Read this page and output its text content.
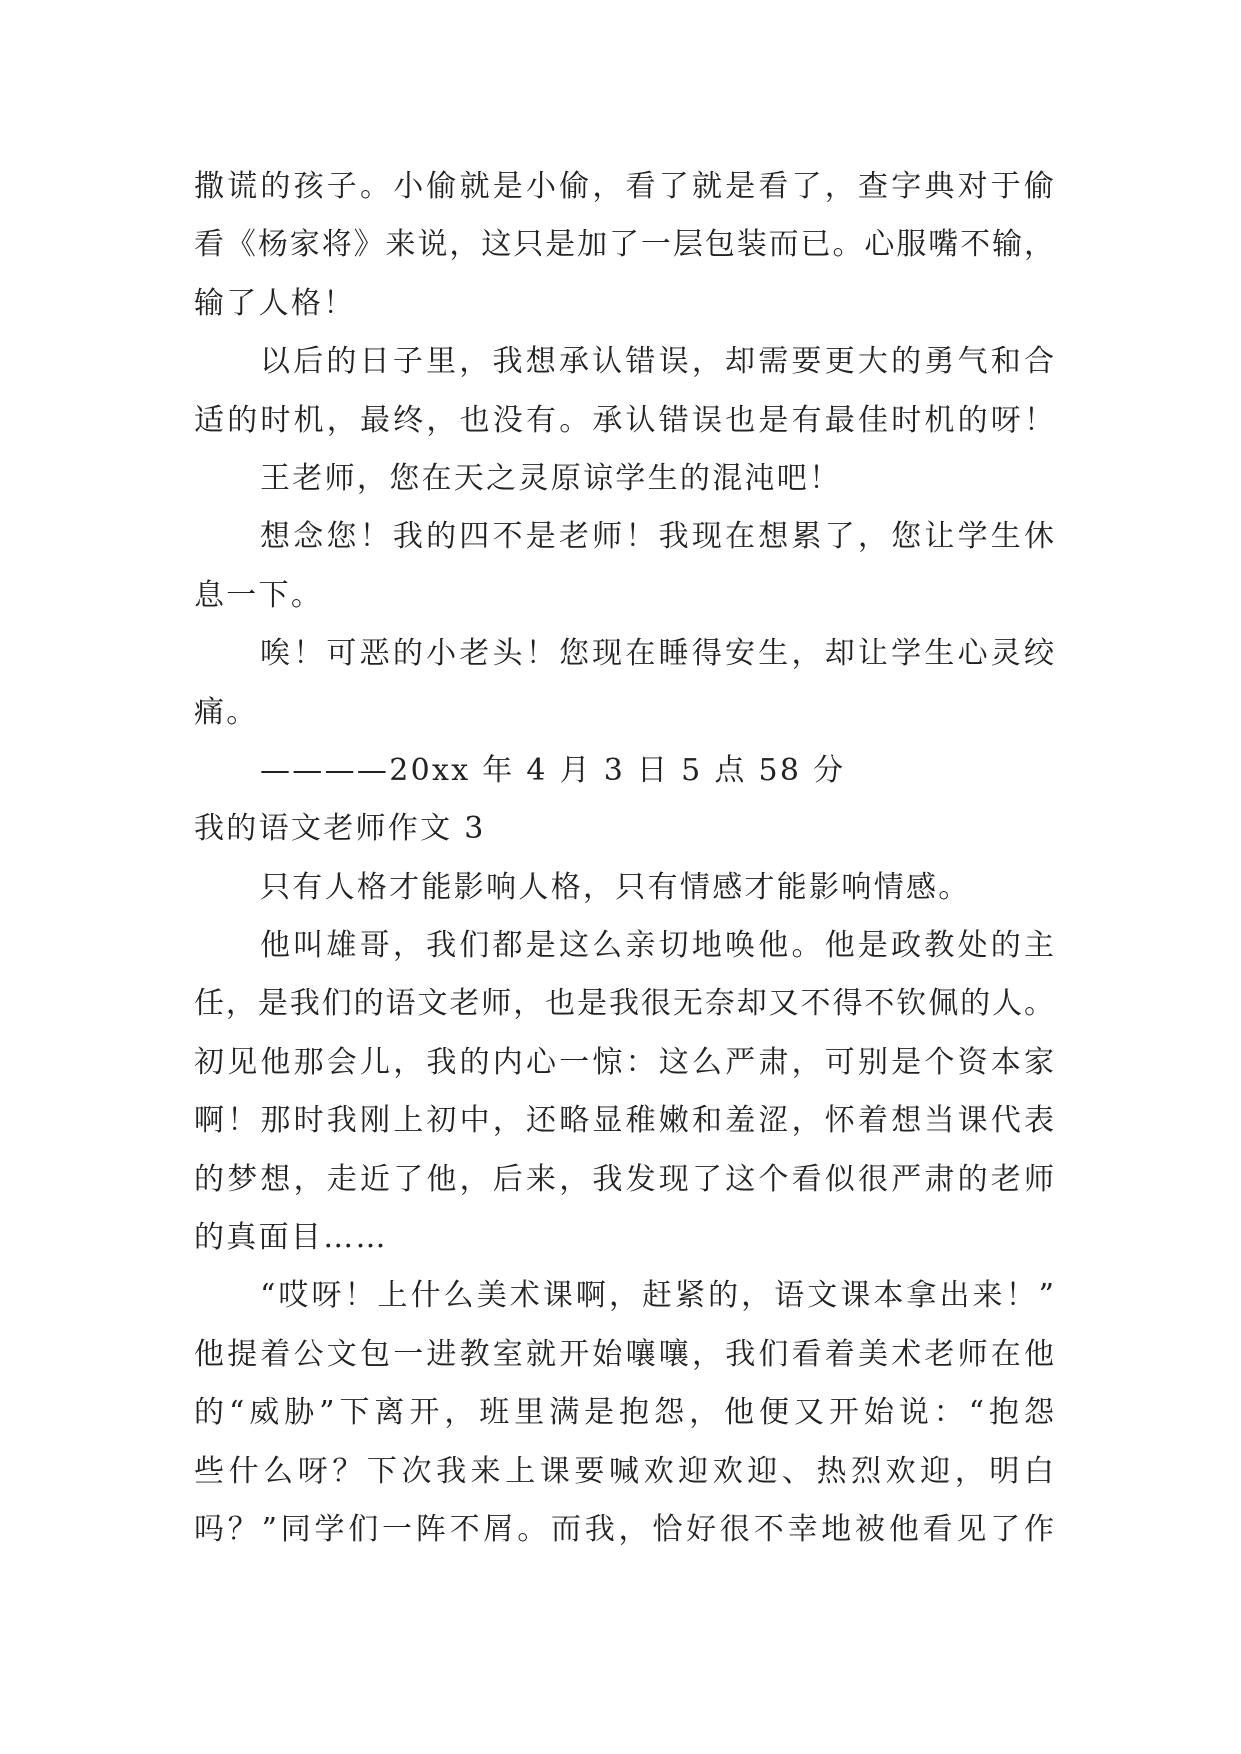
撒谎的孩子。小偷就是小偷，看了就是看了，查字典对于偷
看《杨家将》来说，这只是加了一层包装而已。心服嘴不输，
输了人格！
以后的日子里，我想承认错误，却需要更大的勇气和合
适的时机，最终，也没有。承认错误也是有最佳时机的呀！
王老师，您在天之灵原谅学生的混沌吧！
想念您！我的四不是老师！我现在想累了，您让学生休
息一下。
唉！可恶的小老头！您现在睡得安生，却让学生心灵绞
痛。
————20xx 年 4 月 3 日 5 点 58 分
我的语文老师作文 3
只有人格才能影响人格，只有情感才能影响情感。
他叫雄哥，我们都是这么亲切地唤他。他是政教处的主
任，是我们的语文老师，也是我很无奈却又不得不钦佩的人。
初见他那会儿，我的内心一惊：这么严肃，可别是个资本家
啊！那时我刚上初中，还略显稚嫩和羞涩，怀着想当课代表
的梦想，走近了他，后来，我发现了这个看似很严肃的老师
的真面目……
“哎呀！上什么美术课啊，赶紧的，语文课本拿出来！”
他提着公文包一进教室就开始嚷嚷，我们看着美术老师在他
的“威胁”下离开，班里满是抱怨，他便又开始说：“抱怨
些什么呀？下次我来上课要喊欢迎欢迎、热烈欢迎，明白
吗？”同学们一阵不屑。而我，恰好很不幸地被他看见了作
